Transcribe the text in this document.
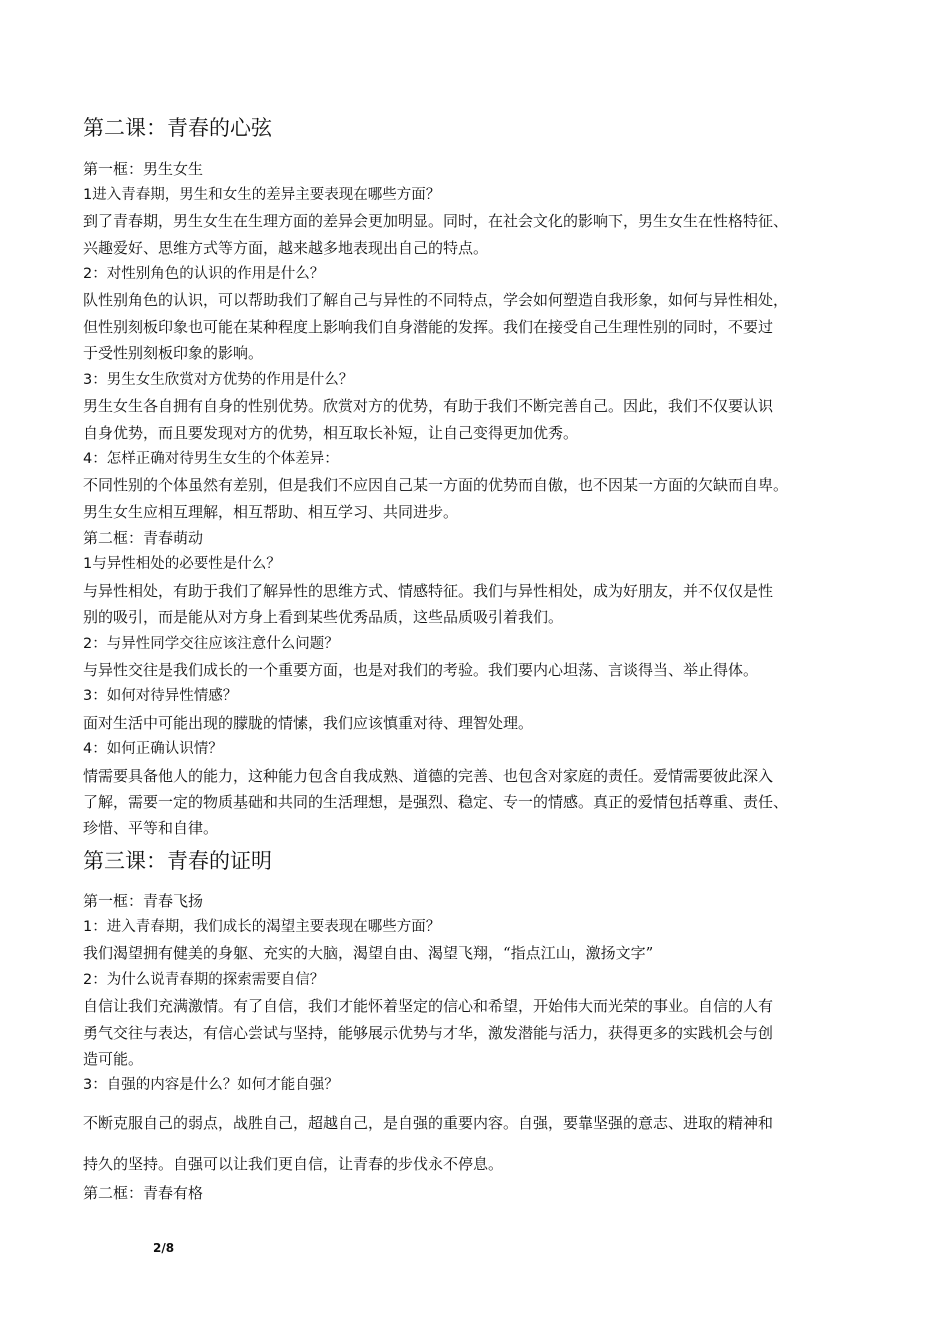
第二课：青春的心弦
第一框：男生女生
1进入青春期，男生和女生的差异主要表现在哪些方面？
到了青春期，男生女生在生理方面的差异会更加明显。同时，在社会文化的影响下，男生女生在性格特征、
兴趣爱好、思维方式等方面，越来越多地表现出自己的特点。
2：对性别角色的认识的作用是什么？
队性别角色的认识，可以帮助我们了解自己与异性的不同特点，学会如何塑造自我形象，如何与异性相处，
但性别刻板印象也可能在某种程度上影响我们自身潜能的发挥。我们在接受自己生理性别的同时，不要过
于受性别刻板印象的影响。
3：男生女生欣赏对方优势的作用是什么？
男生女生各自拥有自身的性别优势。欣赏对方的优势，有助于我们不断完善自己。因此，我们不仅要认识
自身优势，而且要发现对方的优势，相互取长补短，让自己变得更加优秀。
4：怎样正确对待男生女生的个体差异：
不同性别的个体虽然有差别，但是我们不应因自己某一方面的优势而自傲，也不因某一方面的欠缺而自卑。
男生女生应相互理解，相互帮助、相互学习、共同进步。
第二框：青春萌动
1与异性相处的必要性是什么？
与异性相处，有助于我们了解异性的思维方式、情感特征。我们与异性相处，成为好朋友，并不仅仅是性
别的吸引，而是能从对方身上看到某些优秀品质，这些品质吸引着我们。
2：与异性同学交往应该注意什么问题？
与异性交往是我们成长的一个重要方面，也是对我们的考验。我们要内心坦荡、言谈得当、举止得体。
3：如何对待异性情感？
面对生活中可能出现的朦胧的情愫，我们应该慎重对待、理智处理。
4：如何正确认识情？
情需要具备他人的能力，这种能力包含自我成熟、道德的完善、也包含对家庭的责任。爱情需要彼此深入
了解，需要一定的物质基础和共同的生活理想，是强烈、稳定、专一的情感。真正的爱情包括尊重、责任、
珍惜、平等和自律。
第三课：青春的证明
第一框：青春飞扬
1：进入青春期，我们成长的渴望主要表现在哪些方面？
我们渴望拥有健美的身躯、充实的大脑，渴望自由、渴望飞翔，“指点江山，激扬文字”
2：为什么说青春期的探索需要自信？
自信让我们充满激情。有了自信，我们才能怀着坚定的信心和希望，开始伟大而光荣的事业。自信的人有
勇气交往与表达，有信心尝试与坚持，能够展示优势与才华，激发潜能与活力，获得更多的实践机会与创
造可能。
3：自强的内容是什么？如何才能自强？
不断克服自己的弱点，战胜自己，超越自己，是自强的重要内容。自强，要靠坚强的意志、进取的精神和
持久的坚持。自强可以让我们更自信，让青春的步伐永不停息。
第二框：青春有格
2/8
